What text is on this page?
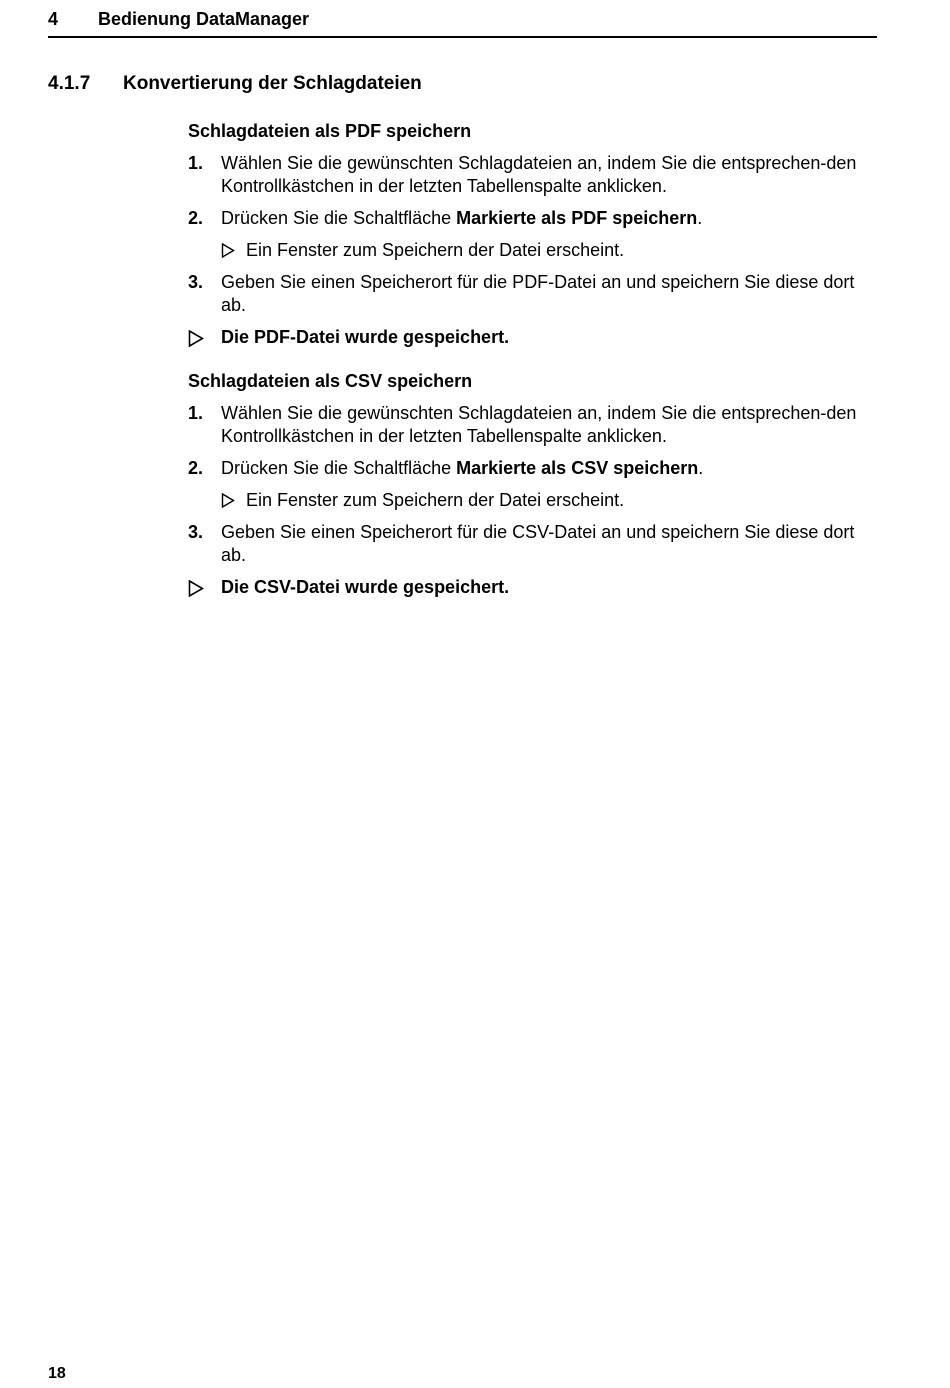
4 Bedienung DataManager
4.1.7 Konvertierung der Schlagdateien
Schlagdateien als PDF speichern
1. Wählen Sie die gewünschten Schlagdateien an, indem Sie die entsprechen-den Kontrollkästchen in der letzten Tabellenspalte anklicken.
2. Drücken Sie die Schaltfläche Markierte als PDF speichern.
Ein Fenster zum Speichern der Datei erscheint.
3. Geben Sie einen Speicherort für die PDF-Datei an und speichern Sie diese dort ab.
Die PDF-Datei wurde gespeichert.
Schlagdateien als CSV speichern
1. Wählen Sie die gewünschten Schlagdateien an, indem Sie die entsprechen-den Kontrollkästchen in der letzten Tabellenspalte anklicken.
2. Drücken Sie die Schaltfläche Markierte als CSV speichern.
Ein Fenster zum Speichern der Datei erscheint.
3. Geben Sie einen Speicherort für die CSV-Datei an und speichern Sie diese dort ab.
Die CSV-Datei wurde gespeichert.
18
